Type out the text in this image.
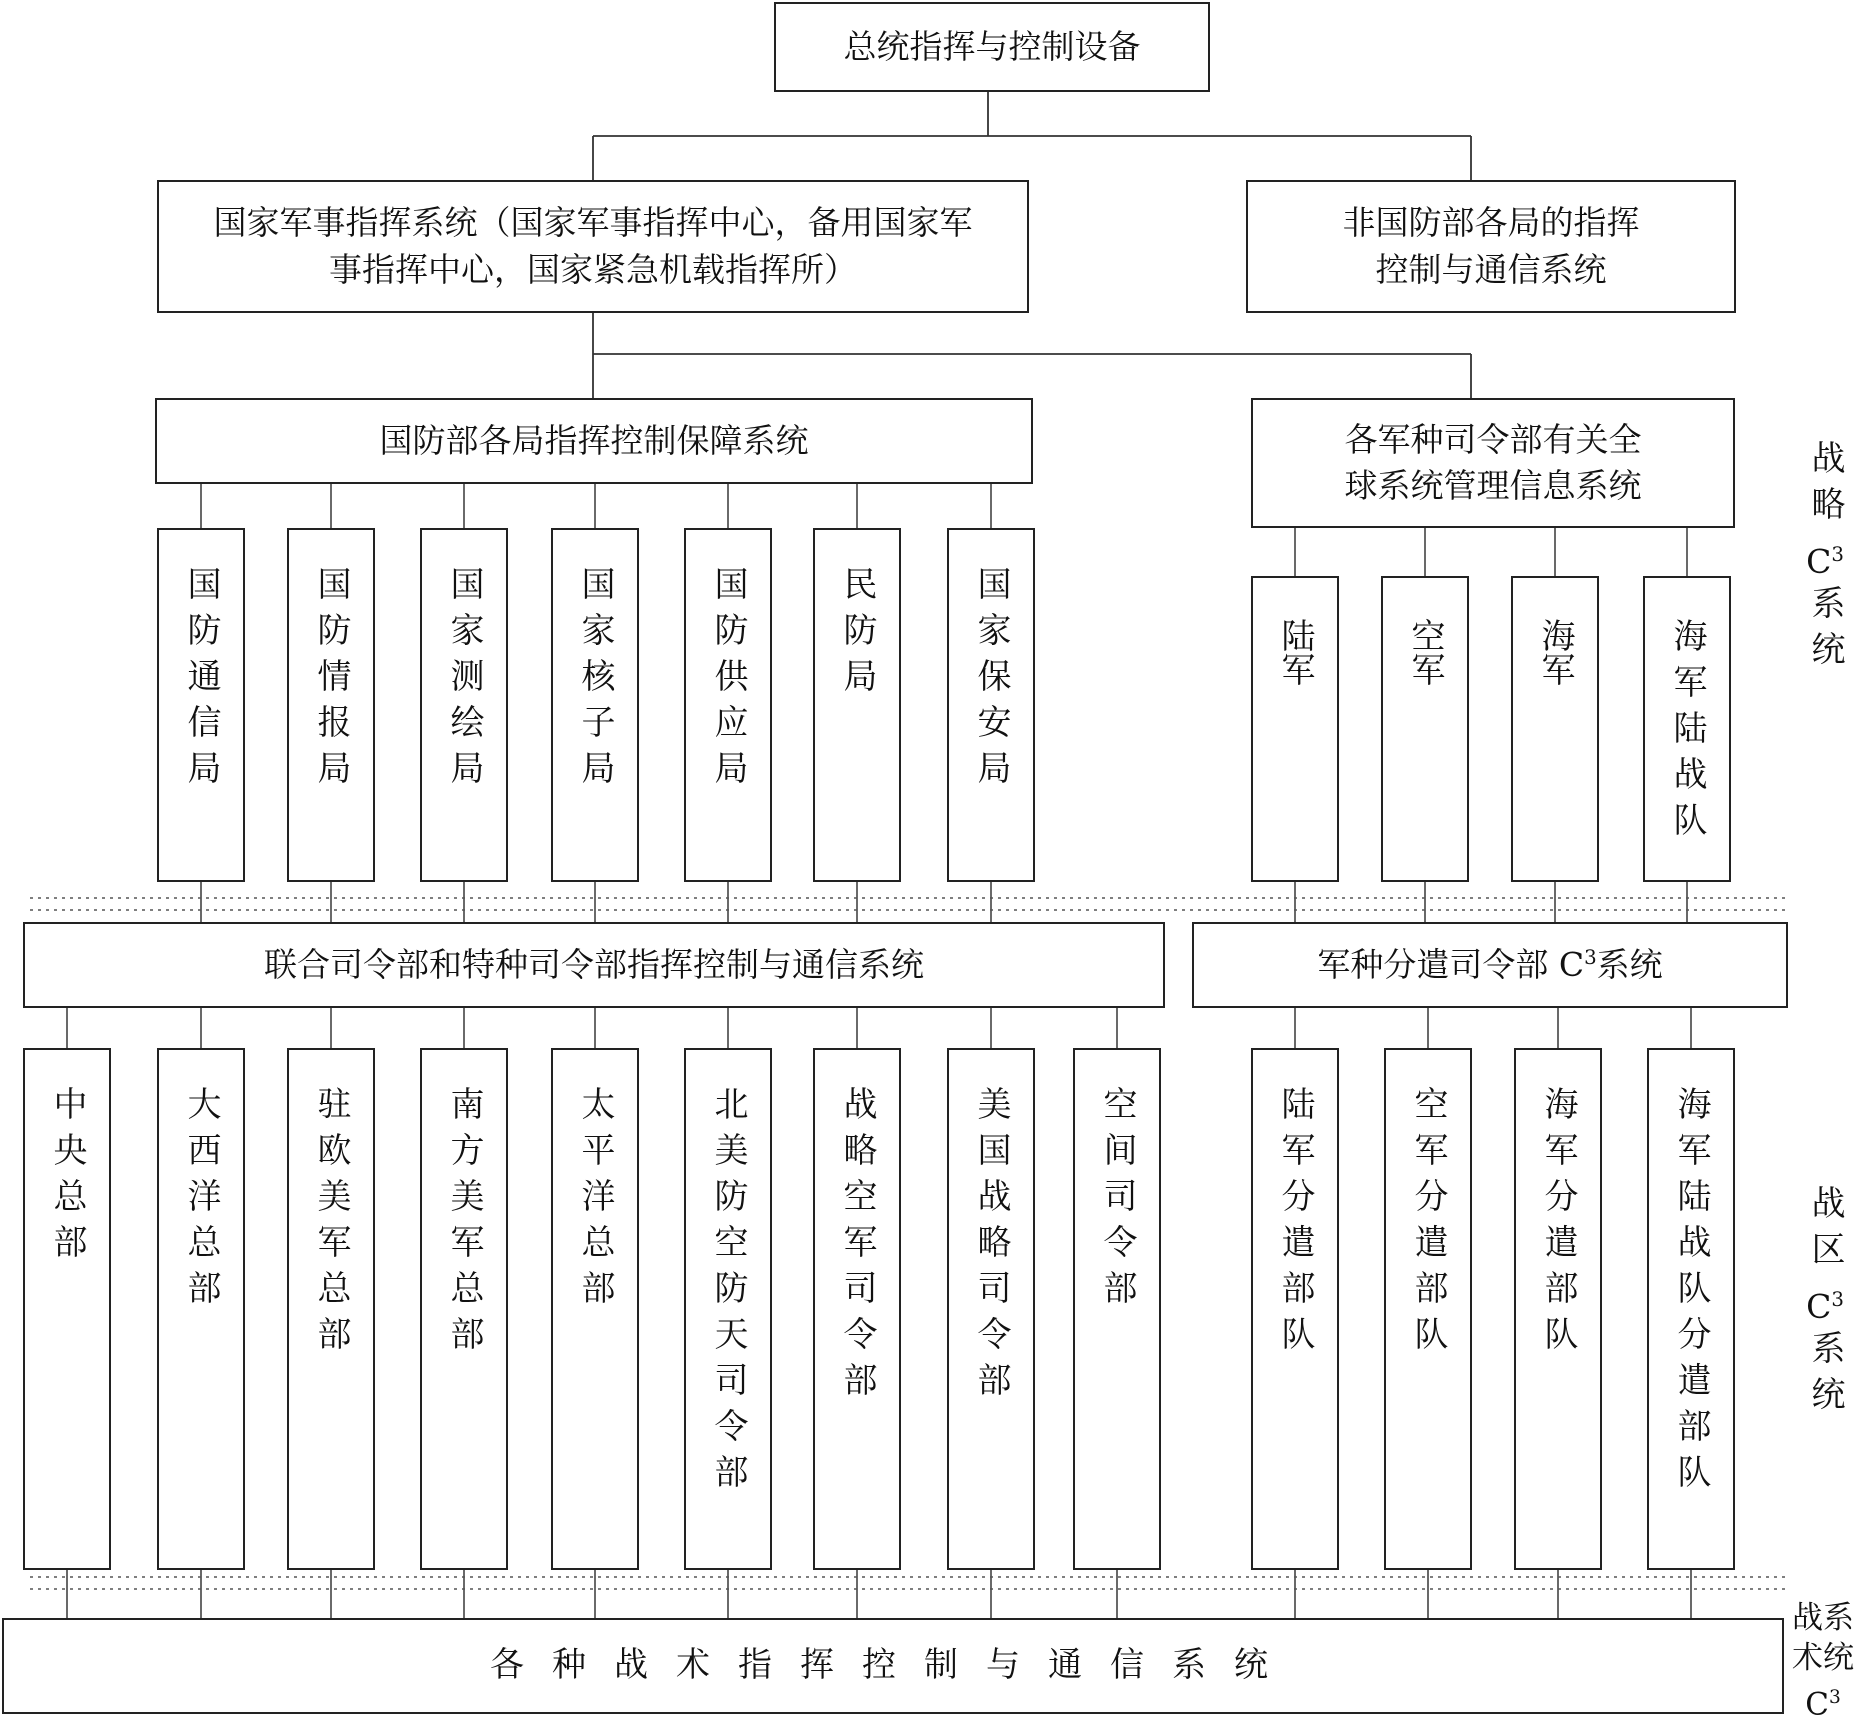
总统指挥与控制设备
国家军事指挥系统（国家军事指挥中心，备用国家军
事指挥中心，国家紧急机载指挥所）
非国防部各局的指挥
控制与通信系统
国防部各局指挥控制保障系统	各军种司令部有关全
球系统管理信息系统
国防通信局	国防情报局	国家测绘局	国家核子局	国防供应局	民防局	国家保安局	陆军	空军	海军	海军陆战队
联合司令部和特种司令部指挥控制与通信系统	军种分遣司令部 $C^3$系统
中央总部	大西洋总部	驻欧美军总部	南方美军总部	太平洋总部	北美防空防天司令部	战略空军司令部	美国战略司令部	空间司令部	陆军分遣部队	空军分遣部队	海军分遣部队	海军陆战队分遣部队
各种战术指挥控制与通信系统
战略
$C^3$
系统
战区
$C^3$
系统
战系
术统
$C^3$
